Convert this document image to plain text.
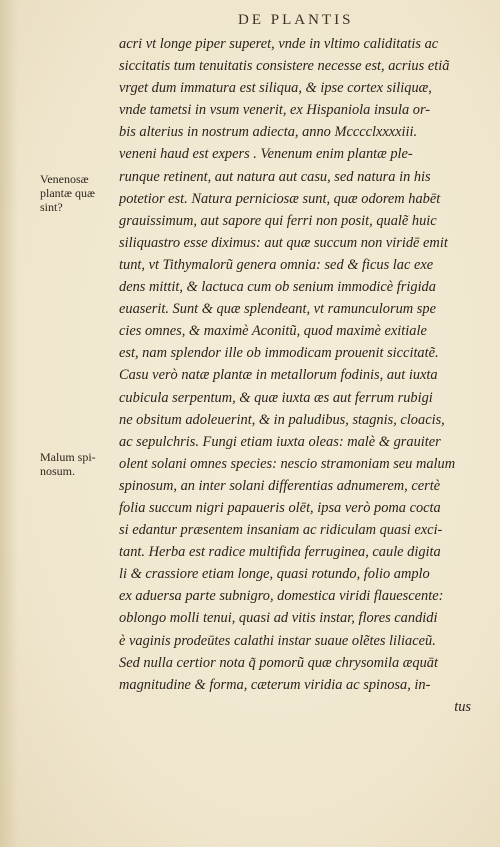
DE PLANTIS
Venenosæ
plantæ quæ
sint?
Malum spi-
nosum.
acri vt longe piper superet, vnde in vltimo caliditatis ac
siccitatis tum tenuitatis consistere necesse est, acrius etiã
vrget dum immatura est siliqua, & ipse cortex siliquæ,
vnde tametsi in vsum venerit, ex Hispaniola insula or-
bis alterius in nostrum adiecta, anno Mcccclxxxxiii.
veneni haud est expers . Venenum enim plantæ ple-
runque retinent, aut natura aut casu, sed natura in his
potetior est. Natura perniciosæ sunt, quæ odorem habēt
grauissimum, aut sapore qui ferri non posit, qualẽ huic
siliquastro esse diximus: aut quæ succum non viridē emit
tunt, vt Tithymalorũ genera omnia: sed & ficus lac exe
dens mittit, & lactuca cum ob senium immodicè frigida
euaserit. Sunt & quæ splendeant, vt ramunculorum spe
cies omnes, & maximè Aconitũ, quod maximè exitiale
est, nam splendor ille ob immodicam prouenit siccitatẽ.
Casu verò natæ plantæ in metallorum fodinis, aut iuxta
cubicula serpentum, & quæ iuxta æs aut ferrum rubigi
ne obsitum adoleuerint, & in paludibus, stagnis, cloacis,
ac sepulchris. Fungi etiam iuxta oleas: malè & grauiter
olent solani omnes species: nescio stramoniam seu malum
spinosum, an inter solani differentias adnumerem, certè
folia succum nigri papaueris olēt, ipsa verò poma cocta
si edantur præsentem insaniam ac ridiculam quasi exci-
tant. Herba est radice multifida ferruginea, caule digita
li & crassiore etiam longe, quasi rotundo, folio amplo
ex aduersa parte subnigro, domestica viridi flauescente:
oblongo molli tenui, quasi ad vitis instar, flores candidi
è vaginis prodeūtes calathi instar suaue olẽtes liliaceũ.
Sed nulla certior nota q̃ pomorũ quæ chrysomila æquāt
magnitudine & forma, cæterum viridia ac spinosa, in-
tus
